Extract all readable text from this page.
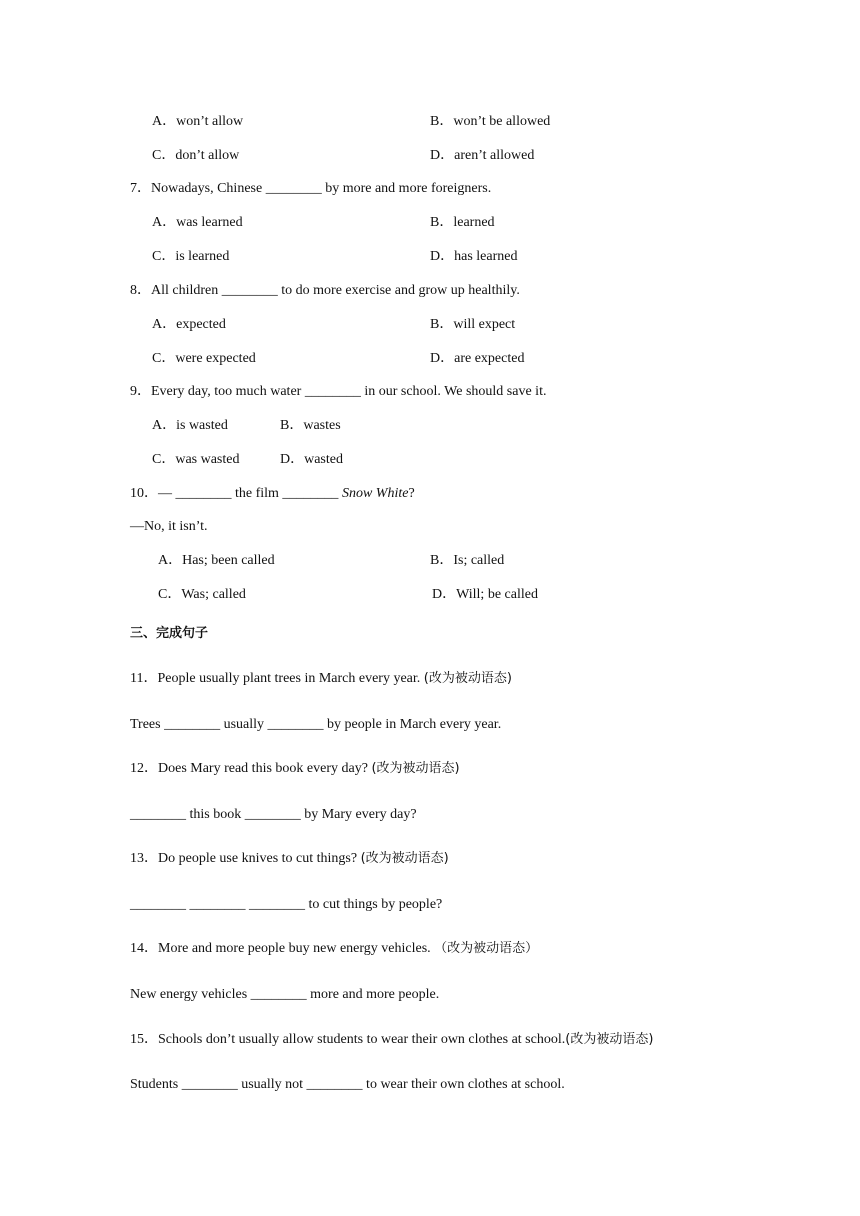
A．won’t allow	B．won’t be allowed
C．don’t allow	D．aren’t allowed
7．Nowadays, Chinese ________ by more and more foreigners.
A．was learned	B．learned
C．is learned	D．has learned
8．All children ________ to do more exercise and grow up healthily.
A．expected	B．will expect
C．were expected	D．are expected
9．Every day, too much water ________ in our school. We should save it.
A．is wasted	B．wastes
C．was wasted	D．wasted
10．— ________ the film ________ Snow White?
—No, it isn’t.
A．Has; been called	B．Is; called
C．Was; called	D．Will; be called
三、完成句子
11．People usually plant trees in March every year. (改为被动语态)
Trees ________ usually ________ by people in March every year.
12．Does Mary read this book every day? (改为被动语态)
________ this book ________ by Mary every day?
13．Do people use knives to cut things? (改为被动语态)
________ ________ ________ to cut things by people?
14．More and more people buy new energy vehicles. （改为被动语态）
New energy vehicles ________ more and more people.
15．Schools don’t usually allow students to wear their own clothes at school.(改为被动语态)
Students ________ usually not ________ to wear their own clothes at school.
